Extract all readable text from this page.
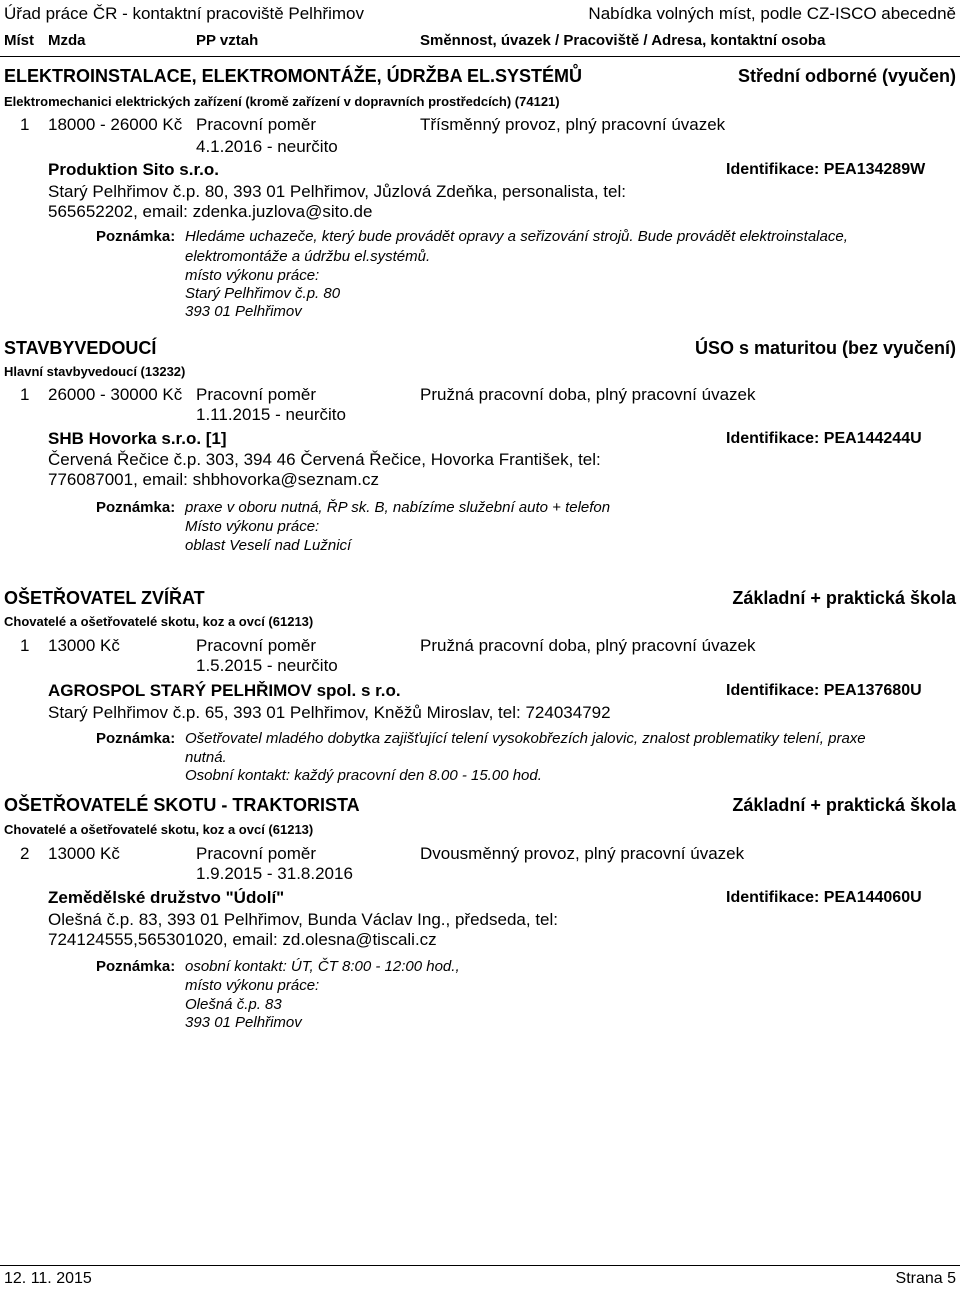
Úřad práce ČR - kontaktní pracoviště Pelhřimov	Nabídka volných míst, podle CZ-ISCO abecedně
Míst Mzda	PP vztah	Směnnost, úvazek / Pracoviště / Adresa, kontaktní osoba
ELEKTROINSTALACE, ELEKTROMONTÁŽE, ÚDRŽBA EL.SYSTÉMŮ	Střední odborné (vyučen)
Elektromechanici elektrických zařízení (kromě zařízení v dopravních prostředcích) (74121)
1 18000 - 26000 Kč Pracovní poměr	Třísměnný provoz, plný pracovní úvazek
4.1.2016 - neurčito
Produktion Sito s.r.o.	Identifikace: PEA134289W
Starý Pelhřimov č.p. 80, 393 01 Pelhřimov, Jůzlová Zdeňka, personalista, tel:
565652202, email: zdenka.juzlova@sito.de
Poznámka: Hledáme uchazeče, který bude provádět opravy a seřizování strojů. Bude provádět elektroinstalace,
elektromontáže a údržbu el.systémů.
místo výkonu práce:
Starý Pelhřimov č.p. 80
393 01 Pelhřimov
STAVBYVEDOUCÍ	ÚSO s maturitou (bez vyučení)
Hlavní stavbyvedoucí (13232)
1 26000 - 30000 Kč Pracovní poměr	Pružná pracovní doba, plný pracovní úvazek
1.11.2015 - neurčito
SHB Hovorka s.r.o. [1]	Identifikace: PEA144244U
Červená Řečice č.p. 303, 394 46 Červená Řečice, Hovorka František, tel:
776087001, email: shbhovorka@seznam.cz
Poznámka: praxe v oboru nutná, ŘP sk. B, nabízíme služební auto + telefon
Místo výkonu práce:
oblast Veselí nad Lužnicí
OŠETŘOVATEL ZVÍŘAT	Základní + praktická škola
Chovatelé a ošetřovatelé skotu, koz a ovcí (61213)
1 13000 Kč	Pracovní poměr	Pružná pracovní doba, plný pracovní úvazek
1.5.2015 - neurčito
AGROSPOL STARÝ PELHŘIMOV spol. s r.o.	Identifikace: PEA137680U
Starý Pelhřimov č.p. 65, 393 01 Pelhřimov, Kněžů Miroslav, tel: 724034792
Poznámka: Ošetřovatel mladého dobytka zajišťující telení vysokobřezích jalovic, znalost problematiky telení, praxe
nutná.
Osobní kontakt: každý pracovní den 8.00 - 15.00 hod.
OŠETŘOVATELÉ SKOTU - TRAKTORISTA	Základní + praktická škola
Chovatelé a ošetřovatelé skotu, koz a ovcí (61213)
2 13000 Kč	Pracovní poměr	Dvousměnný provoz, plný pracovní úvazek
1.9.2015 - 31.8.2016
Zemědělské družstvo "Údolí"	Identifikace: PEA144060U
Olešná č.p. 83, 393 01 Pelhřimov, Bunda Václav Ing., předseda, tel:
724124555,565301020, email: zd.olesna@tiscali.cz
Poznámka: osobní kontakt: ÚT, ČT 8:00 - 12:00 hod.,
místo výkonu práce:
Olešná č.p. 83
393 01 Pelhřimov
12. 11. 2015	Strana 5
